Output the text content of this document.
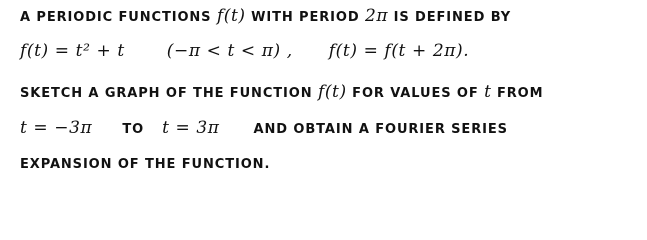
A PERIODIC FUNCTIONS f(t) WITH PERIOD 2π IS DEFINED BY
f(t) = t² + t (−π < t < π) , f(t) = f(t + 2π).
SKETCH A GRAPH OF THE FUNCTION f(t) FOR VALUES OF t FROM
t = −3π TO t = 3π	AND OBTAIN A FOURIER SERIES
EXPANSION OF THE FUNCTION.
